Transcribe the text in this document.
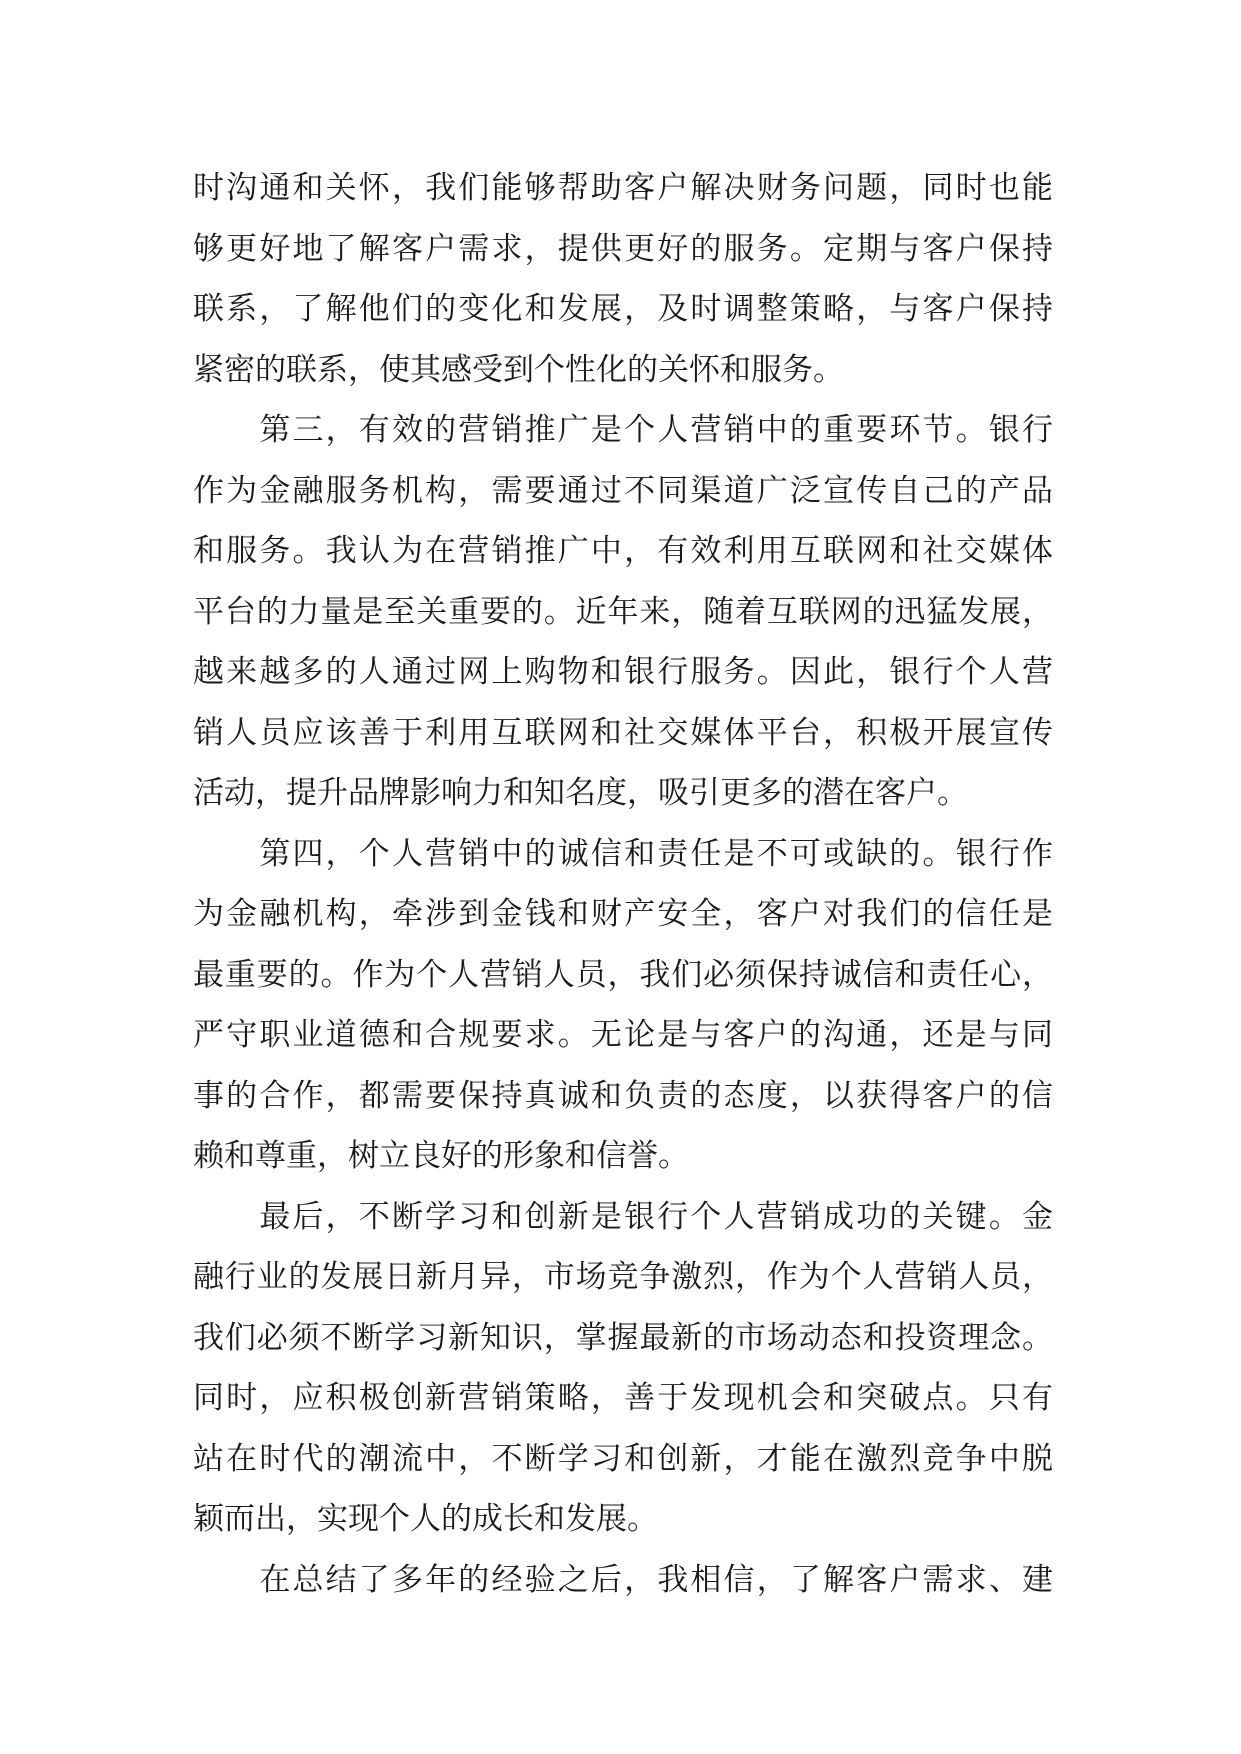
时沟通和关怀，我们能够帮助客户解决财务问题，同时也能
够更好地了解客户需求，提供更好的服务。定期与客户保持
联系，了解他们的变化和发展，及时调整策略，与客户保持
紧密的联系，使其感受到个性化的关怀和服务。
　　第三，有效的营销推广是个人营销中的重要环节。银行
作为金融服务机构，需要通过不同渠道广泛宣传自己的产品
和服务。我认为在营销推广中，有效利用互联网和社交媒体
平台的力量是至关重要的。近年来，随着互联网的迅猛发展，
越来越多的人通过网上购物和银行服务。因此，银行个人营
销人员应该善于利用互联网和社交媒体平台，积极开展宣传
活动，提升品牌影响力和知名度，吸引更多的潜在客户。
　　第四，个人营销中的诚信和责任是不可或缺的。银行作
为金融机构，牵涉到金钱和财产安全，客户对我们的信任是
最重要的。作为个人营销人员，我们必须保持诚信和责任心，
严守职业道德和合规要求。无论是与客户的沟通，还是与同
事的合作，都需要保持真诚和负责的态度，以获得客户的信
赖和尊重，树立良好的形象和信誉。
　　最后，不断学习和创新是银行个人营销成功的关键。金
融行业的发展日新月异，市场竞争激烈，作为个人营销人员，
我们必须不断学习新知识，掌握最新的市场动态和投资理念。
同时，应积极创新营销策略，善于发现机会和突破点。只有
站在时代的潮流中，不断学习和创新，才能在激烈竞争中脱
颖而出，实现个人的成长和发展。
　　在总结了多年的经验之后，我相信，了解客户需求、建
